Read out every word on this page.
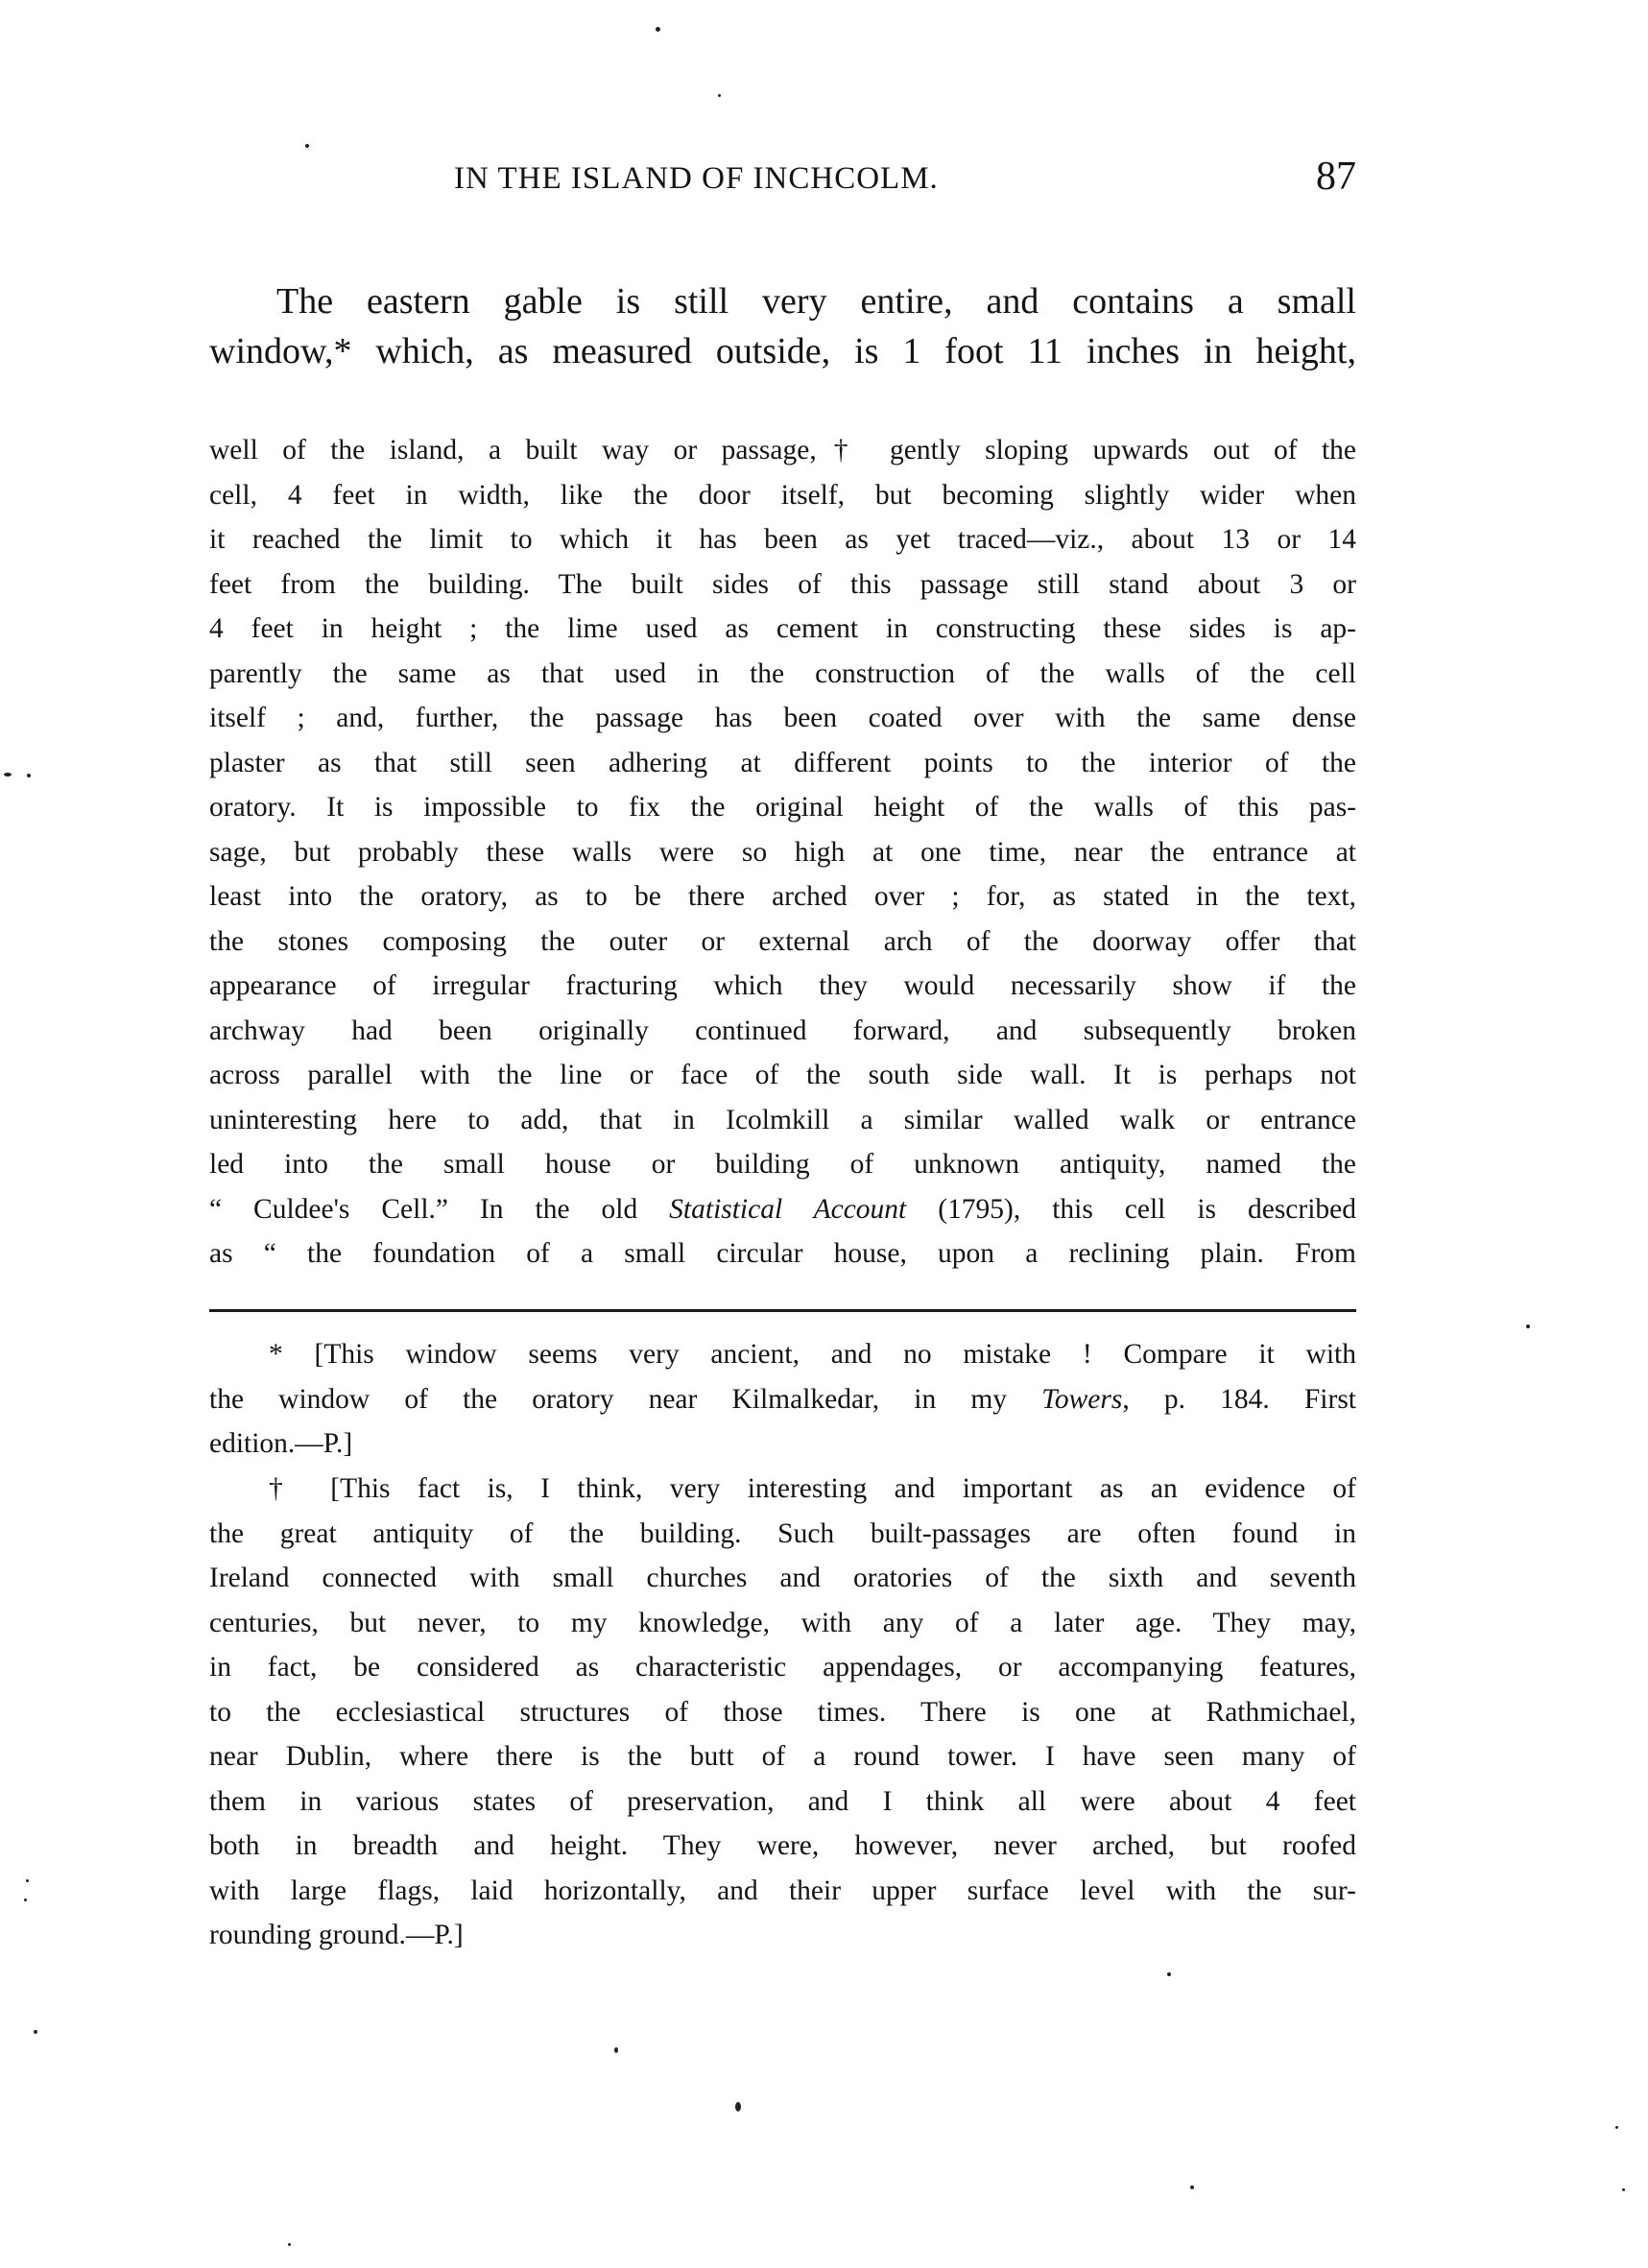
IN THE ISLAND OF INCHCOLM.	87
The eastern gable is still very entire, and contains a small
window,* which, as measured outside, is 1 foot 11 inches in height,
well of the island, a built way or passage,† gently sloping upwards out of the
cell, 4 feet in width, like the door itself, but becoming slightly wider when
it reached the limit to which it has been as yet traced—viz., about 13 or 14
feet from the building. The built sides of this passage still stand about 3 or
4 feet in height ; the lime used as cement in constructing these sides is ap-
parently the same as that used in the construction of the walls of the cell
itself ; and, further, the passage has been coated over with the same dense
plaster as that still seen adhering at different points to the interior of the
oratory. It is impossible to fix the original height of the walls of this pas-
sage, but probably these walls were so high at one time, near the entrance at
least into the oratory, as to be there arched over ; for, as stated in the text,
the stones composing the outer or external arch of the doorway offer that
appearance of irregular fracturing which they would necessarily show if the
archway had been originally continued forward, and subsequently broken
across parallel with the line or face of the south side wall. It is perhaps not
uninteresting here to add, that in Icolmkill a similar walled walk or entrance
led into the small house or building of unknown antiquity, named the
“ Culdee's Cell.” In the old Statistical Account (1795), this cell is described
as “ the foundation of a small circular house, upon a reclining plain. From
* [This window seems very ancient, and no mistake ! Compare it with
the window of the oratory near Kilmalkedar, in my Towers, p. 184. First
edition.—P.]
† [This fact is, I think, very interesting and important as an evidence of
the great antiquity of the building. Such built-passages are often found in
Ireland connected with small churches and oratories of the sixth and seventh
centuries, but never, to my knowledge, with any of a later age. They may,
in fact, be considered as characteristic appendages, or accompanying features,
to the ecclesiastical structures of those times. There is one at Rathmichael,
near Dublin, where there is the butt of a round tower. I have seen many of
them in various states of preservation, and I think all were about 4 feet
both in breadth and height. They were, however, never arched, but roofed
with large flags, laid horizontally, and their upper surface level with the sur-
rounding ground.—P.]
